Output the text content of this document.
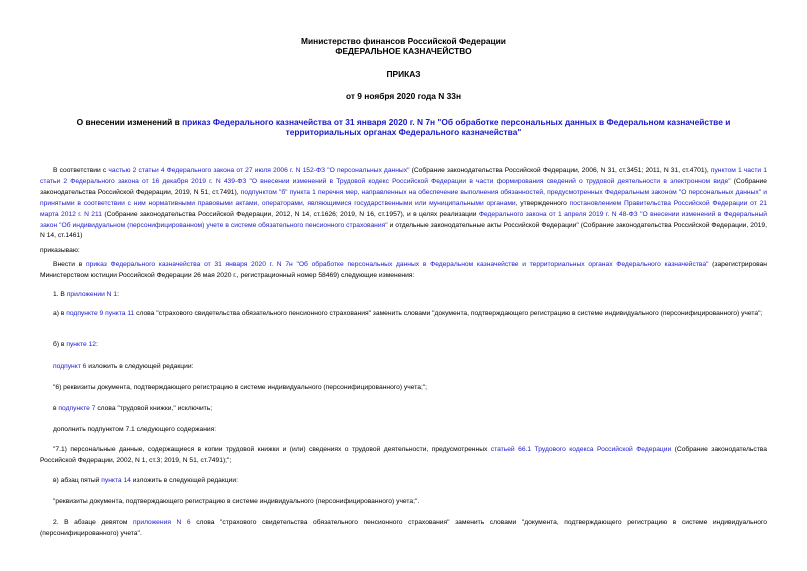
Министерство финансов Российской Федерации
ФЕДЕРАЛЬНОЕ КАЗНАЧЕЙСТВО
ПРИКАЗ
от 9 ноября 2020 года N 33н
О внесении изменений в приказ Федерального казначейства от 31 января 2020 г. N 7н "Об обработке персональных данных в Федеральном казначействе и территориальных органах Федерального казначейства"

В соответствии с частью 2 статьи 4 Федерального закона от 27 июля 2006 г. N 152-ФЗ "О персональных данных" (Собрание законодательства Российской Федерации, 2006, N 31, ст.3451; 2011, N 31, ст.4701), пунктом 1 части 1 статьи 2 Федерального закона от 16 декабря 2019 г. N 439-ФЗ "О внесении изменений в Трудовой кодекс Российской Федерации в части формирования сведений о трудовой деятельности в электронном виде" (Собрание законодательства Российской Федерации, 2019, N 51, ст.7491), подпунктом "б" пункта 1 перечня мер, направленных на обеспечение выполнения обязанностей, предусмотренных Федеральным законом "О персональных данных" и принятыми в соответствии с ним нормативными правовыми актами, операторами, являющимися государственными или муниципальными органами, утвержденного постановлением Правительства Российской Федерации от 21 марта 2012 г. N 211 (Собрание законодательства Российской Федерации, 2012, N 14, ст.1626; 2019, N 16, ст.1957), и в целях реализации Федерального закона от 1 апреля 2019 г. N 48-ФЗ "О внесении изменений в Федеральный закон "Об индивидуальном (персонифицированном) учете в системе обязательного пенсионного страхования" и отдельные законодательные акты Российской Федерации" (Собрание законодательства Российской Федерации, 2019, N 14, ст.1461)

приказываю:

Внести в приказ Федерального казначейства от 31 января 2020 г. N 7н "Об обработке персональных данных в Федеральном казначействе и территориальных органах Федерального казначейства" (зарегистрирован Министерством юстиции Российской Федерации 26 мая 2020 г., регистрационный номер 58469) следующие изменения:

1. В приложении N 1:

а) в подпункте 9 пункта 11 слова "страхового свидетельства обязательного пенсионного страхования" заменить словами "документа, подтверждающего регистрацию в системе индивидуального (персонифицированного) учета";

б) в пункте 12:

подпункт 6 изложить в следующей редакции:

"6) реквизиты документа, подтверждающего регистрацию в системе индивидуального (персонифицированного) учета;";

в подпункте 7 слова "трудовой книжки," исключить;

дополнить подпунктом 7.1 следующего содержания:

"7.1) персональные данные, содержащиеся в копии трудовой книжки и (или) сведениях о трудовой деятельности, предусмотренных статьей 66.1 Трудового кодекса Российской Федерации (Собрание законодательства Российской Федерации, 2002, N 1, ст.3; 2019, N 51, ст.7491);";

в) абзац пятый пункта 14 изложить в следующей редакции:

"реквизиты документа, подтверждающего регистрацию в системе индивидуального (персонифицированного) учета;".

2. В абзаце девятом приложения N 6 слова "страхового свидетельства обязательного пенсионного страхования" заменить словами "документа, подтверждающего регистрацию в системе индивидуального (персонифицированного) учета".
